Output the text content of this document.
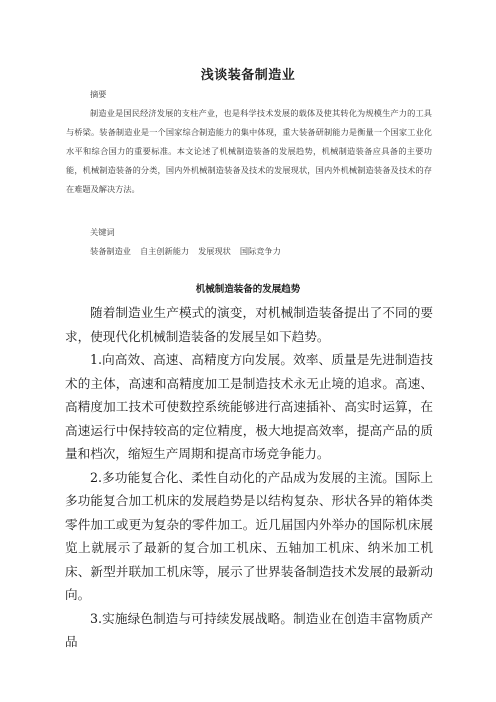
浅谈装备制造业
摘要
制造业是国民经济发展的支柱产业，也是科学技术发展的载体及使其转化为规模生产力的工具与桥梁。装备制造业是一个国家综合制造能力的集中体现，重大装备研制能力是衡量一个国家工业化水平和综合国力的重要标准。本文论述了机械制造装备的发展趋势，机械制造装备应具备的主要功能，机械制造装备的分类，国内外机械制造装备及技术的发展现状，国内外机械制造装备及技术的存在难题及解决方法。
关键词
装备制造业 自主创新能力 发展现状 国际竞争力
机械制造装备的发展趋势

随着制造业生产模式的演变，对机械制造装备提出了不同的要求，使现代化机械制造装备的发展呈如下趋势。

1.向高效、高速、高精度方向发展。效率、质量是先进制造技术的主体，高速和高精度加工是制造技术永无止境的追求。高速、高精度加工技术可使数控系统能够进行高速插补、高实时运算，在高速运行中保持较高的定位精度，极大地提高效率，提高产品的质量和档次，缩短生产周期和提高市场竞争能力。

2.多功能复合化、柔性自动化的产品成为发展的主流。国际上多功能复合加工机床的发展趋势是以结构复杂、形状各异的箱体类零件加工或更为复杂的零件加工。近几届国内外举办的国际机床展览上就展示了最新的复合加工机床、五轴加工机床、纳米加工机床、新型并联加工机床等，展示了世界装备制造技术发展的最新动向。

3.实施绿色制造与可持续发展战略。制造业在创造丰富物质产品
